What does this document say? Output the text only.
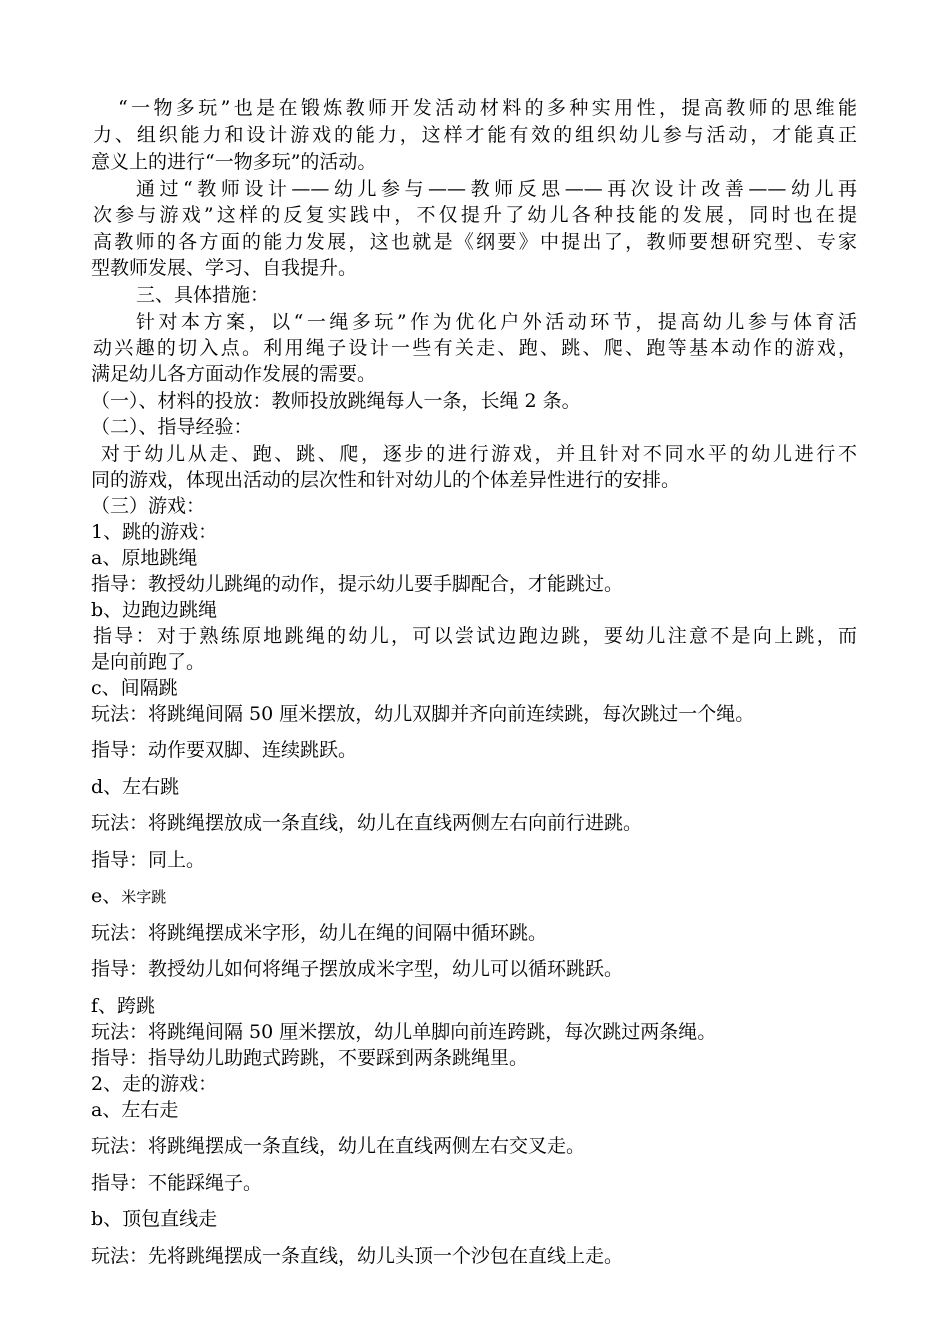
“一物多玩”也是在锻炼教师开发活动材料的多种实用性，提高教师的思维能
力、组织能力和设计游戏的能力，这样才能有效的组织幼儿参与活动，才能真正
意义上的进行“一物多玩”的活动。
通过“教师设计——幼儿参与——教师反思——再次设计改善——幼儿再
次参与游戏”这样的反复实践中，不仅提升了幼儿各种技能的发展，同时也在提
高教师的各方面的能力发展，这也就是《纲要》中提出了，教师要想研究型、专家
型教师发展、学习、自我提升。
三、具体措施：
针对本方案，以“一绳多玩”作为优化户外活动环节，提高幼儿参与体育活
动兴趣的切入点。利用绳子设计一些有关走、跑、跳、爬、跑等基本动作的游戏，
满足幼儿各方面动作发展的需要。
（一）、材料的投放：教师投放跳绳每人一条，长绳 2 条。
（二）、指导经验：
对于幼儿从走、跑、跳、爬，逐步的进行游戏，并且针对不同水平的幼儿进行不
同的游戏，体现出活动的层次性和针对幼儿的个体差异性进行的安排。
（三）游戏：
1、跳的游戏：
a、原地跳绳
指导：教授幼儿跳绳的动作，提示幼儿要手脚配合，才能跳过。
b、边跑边跳绳
指导：对于熟练原地跳绳的幼儿，可以尝试边跑边跳，要幼儿注意不是向上跳，而
是向前跑了。
c、间隔跳
玩法：将跳绳间隔 50 厘米摆放，幼儿双脚并齐向前连续跳，每次跳过一个绳。
指导：动作要双脚、连续跳跃。
d、左右跳
玩法：将跳绳摆放成一条直线，幼儿在直线两侧左右向前行进跳。
指导：同上。
e、米字跳
玩法：将跳绳摆成米字形，幼儿在绳的间隔中循环跳。
指导：教授幼儿如何将绳子摆放成米字型，幼儿可以循环跳跃。
f、跨跳
玩法：将跳绳间隔 50 厘米摆放，幼儿单脚向前连跨跳，每次跳过两条绳。
指导：指导幼儿助跑式跨跳，不要踩到两条跳绳里。
2、走的游戏：
a、左右走
玩法：将跳绳摆成一条直线，幼儿在直线两侧左右交叉走。
指导：不能踩绳子。
b、顶包直线走
玩法：先将跳绳摆成一条直线，幼儿头顶一个沙包在直线上走。
